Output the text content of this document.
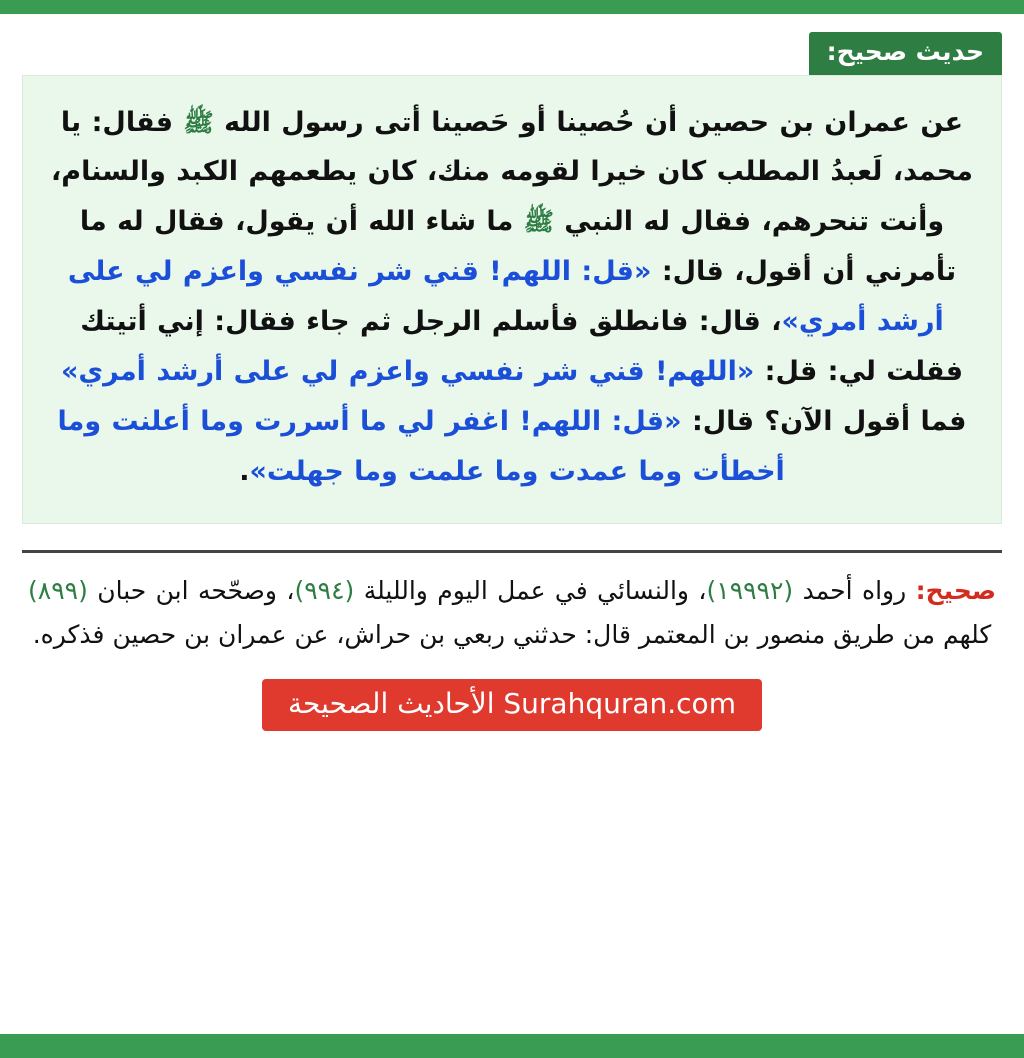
حديث صحيح:

عن عمران بن حصين أن حُصينا أو حَصينا أتى رسول الله ﷺ فقال: يا محمد، لَعبدُ المطلب كان خيرا لقومه منك، كان يطعمهم الكبد والسنام، وأنت تنحرهم، فقال له النبي ﷺ ما شاء الله أن يقول، فقال له ما تأمرني أن أقول، قال: «قل: اللهم! قني شر نفسي واعزم لي على أرشد أمري»، قال: فانطلق فأسلم الرجل ثم جاء فقال: إني أتيتك فقلت لي: قل: «اللهم! قني شر نفسي واعزم لي على أرشد أمري» فما أقول الآن؟ قال: «قل: اللهم! اغفر لي ما أسررت وما أعلنت وما أخطأت وما عمدت وما علمت وما جهلت».

صحيح: رواه أحمد (١٩٩٩٢)، والنسائي في عمل اليوم والليلة (٩٩٤)، وصحّحه ابن حبان (٨٩٩) كلهم من طريق منصور بن المعتمر قال: حدثني ربعي بن حراش، عن عمران بن حصين فذكره.
Surahquran.com الأحاديث الصحيحة
